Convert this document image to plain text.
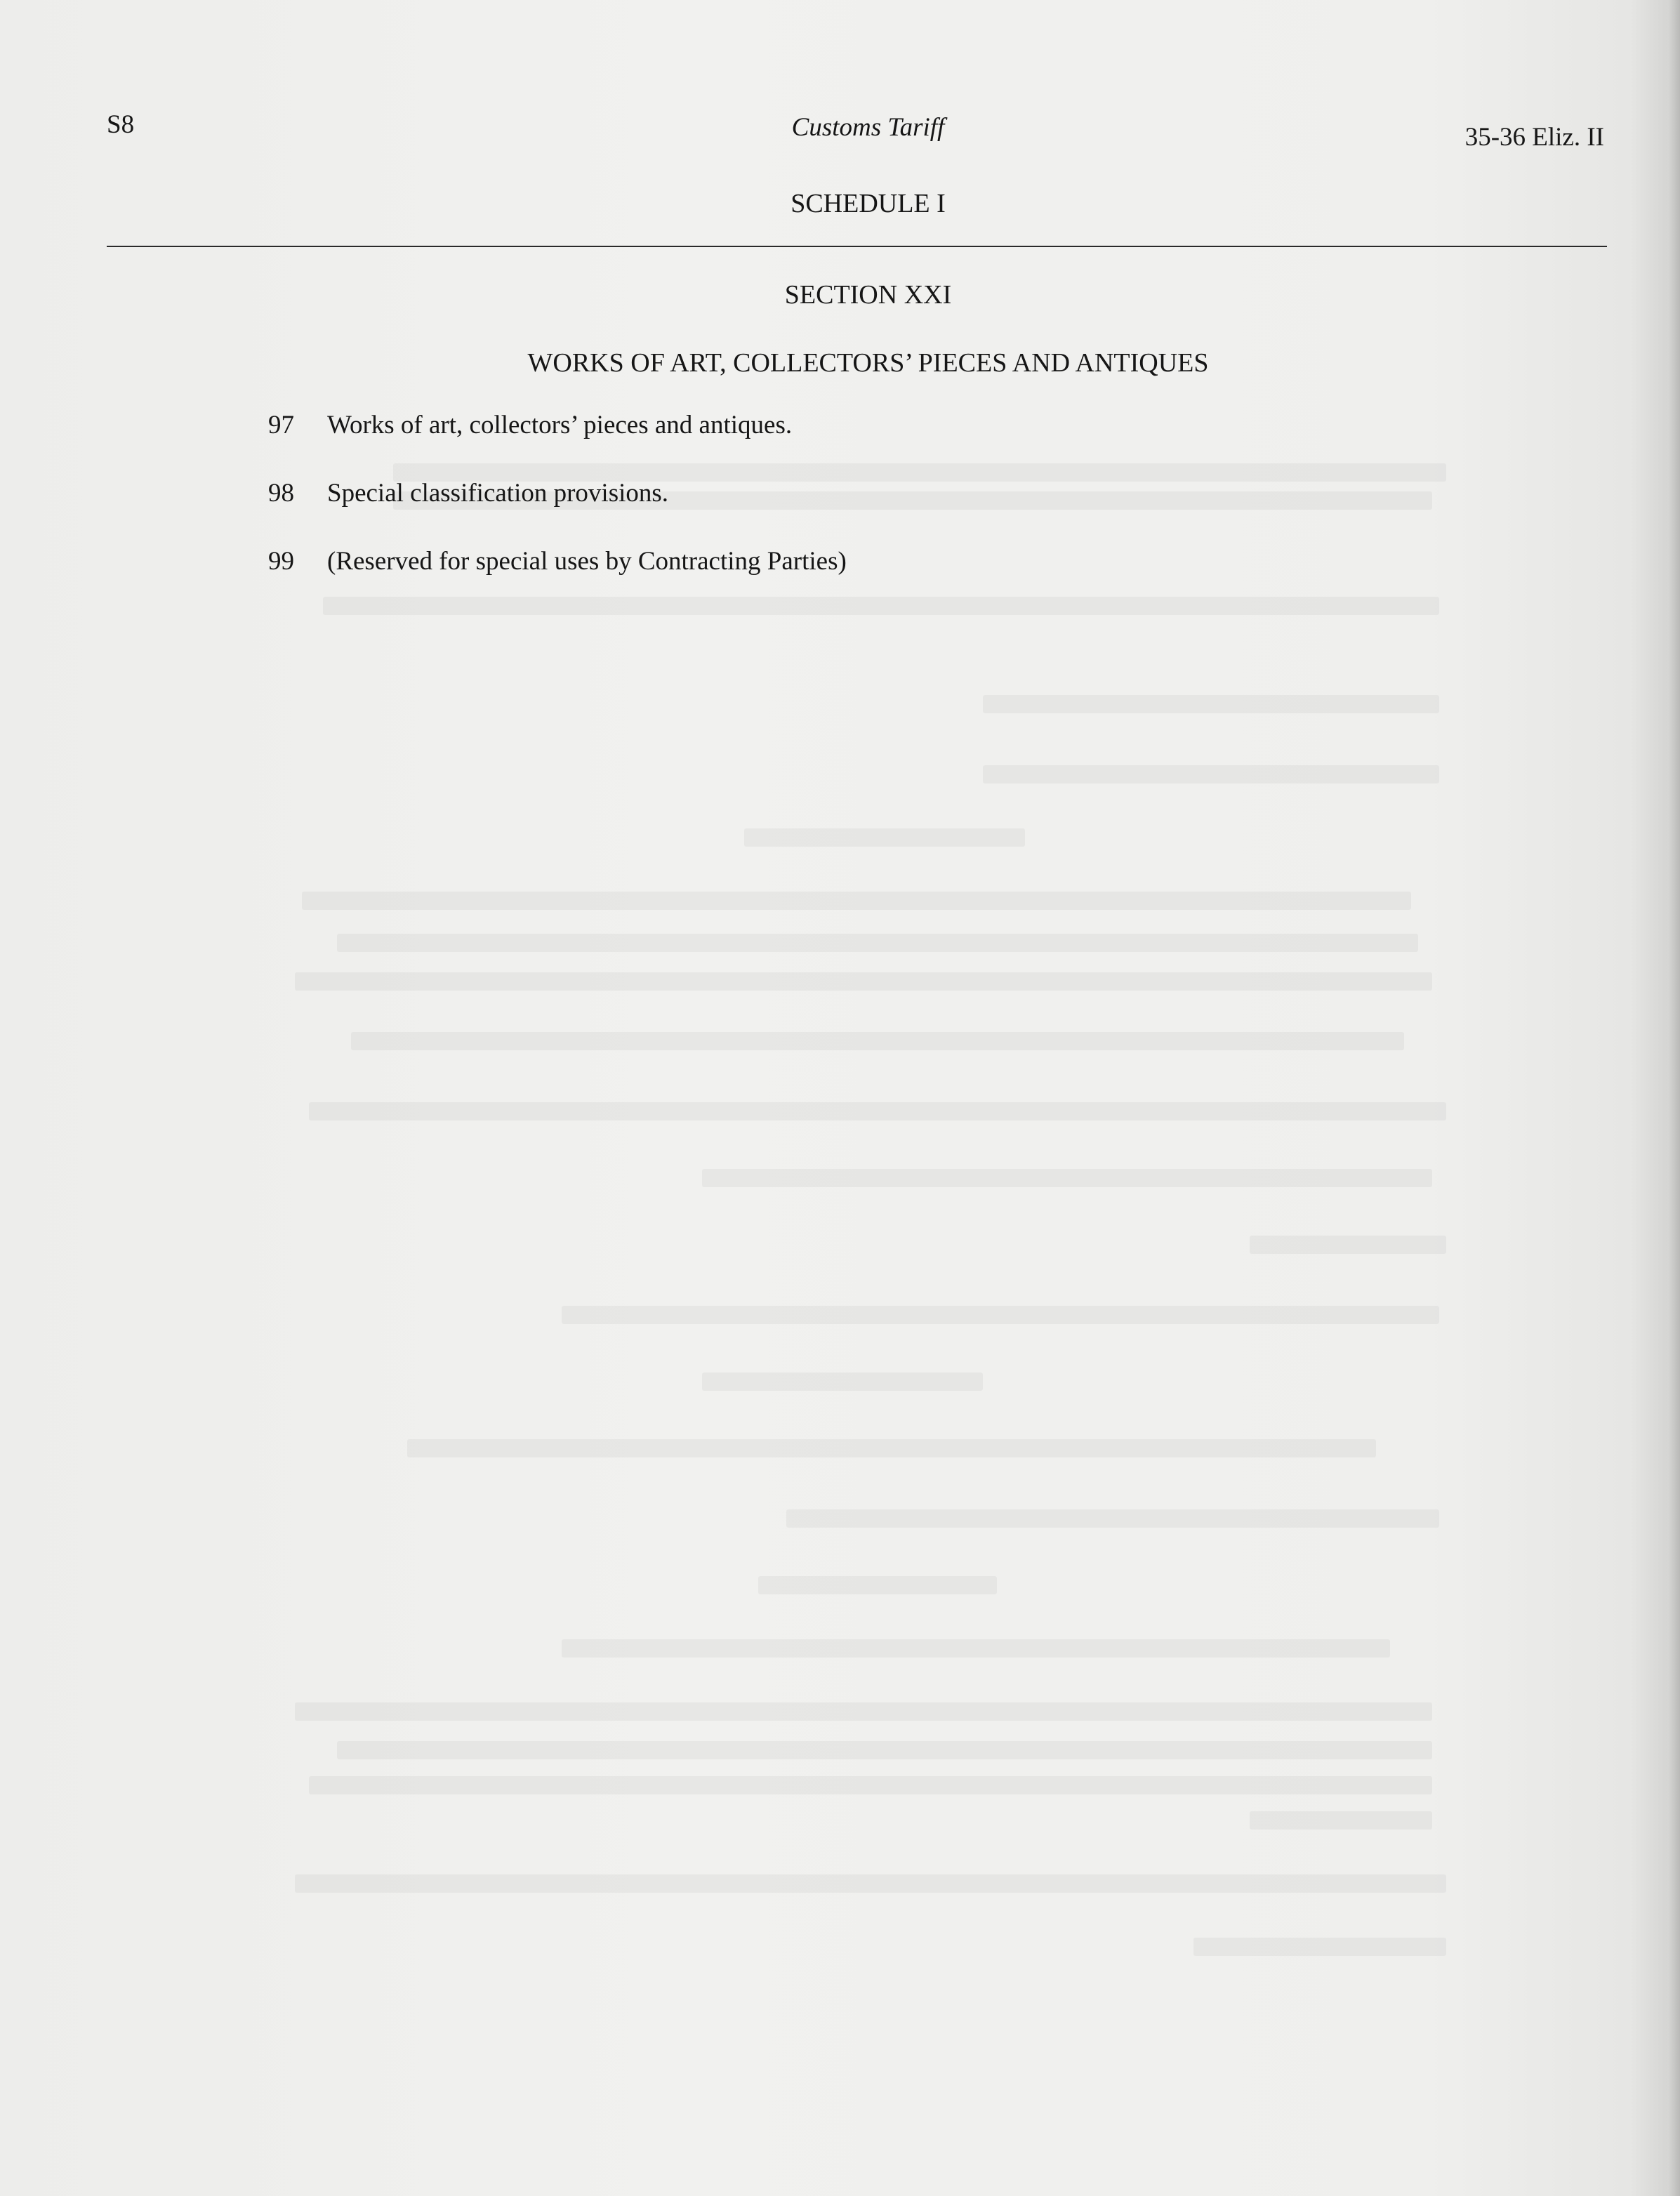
S8	Customs Tariff	35-36 Eliz. II
SCHEDULE I
SECTION XXI
WORKS OF ART, COLLECTORS’ PIECES AND ANTIQUES
97 Works of art, collectors’ pieces and antiques.
98 Special classification provisions.
99 (Reserved for special uses by Contracting Parties)
